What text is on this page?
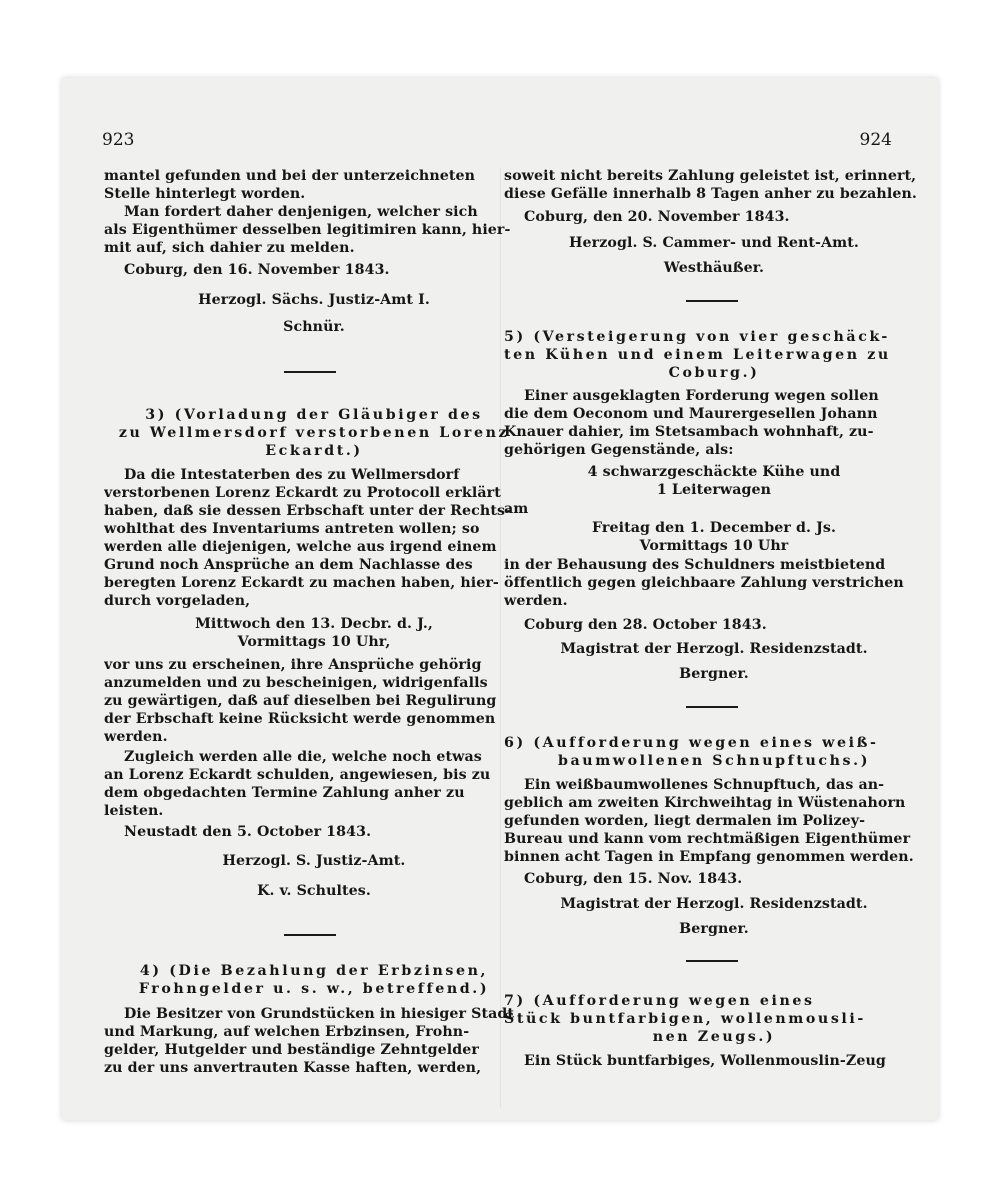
923	924
mantel gefunden und bei der unterzeichneten
Stelle hinterlegt worden.
Man fordert daher denjenigen, welcher sich
als Eigenthümer desselben legitimiren kann, hier-
mit auf, sich dahier zu melden.
Coburg, den 16. November 1843.
Herzogl. Sächs. Justiz-Amt I.
Schnür.
3) (Vorladung der Gläubiger des
zu Wellmersdorf verstorbenen Lorenz
Eckardt.)
Da die Intestaterben des zu Wellmersdorf
verstorbenen Lorenz Eckardt zu Protocoll erklärt
haben, daß sie dessen Erbschaft unter der Rechts-
wohlthat des Inventariums antreten wollen; so
werden alle diejenigen, welche aus irgend einem
Grund noch Ansprüche an dem Nachlasse des
beregten Lorenz Eckardt zu machen haben, hier-
durch vorgeladen,
Mittwoch den 13. Decbr. d. J.,
Vormittags 10 Uhr,
vor uns zu erscheinen, ihre Ansprüche gehörig
anzumelden und zu bescheinigen, widrigenfalls
zu gewärtigen, daß auf dieselben bei Regulirung
der Erbschaft keine Rücksicht werde genommen
werden.
Zugleich werden alle die, welche noch etwas
an Lorenz Eckardt schulden, angewiesen, bis zu
dem obgedachten Termine Zahlung anher zu
leisten.
Neustadt den 5. October 1843.
Herzogl. S. Justiz-Amt.
K. v. Schultes.
4) (Die Bezahlung der Erbzinsen,
Frohngelder u. s. w., betreffend.)
Die Besitzer von Grundstücken in hiesiger Stadt
und Markung, auf welchen Erbzinsen, Frohn-
gelder, Hutgelder und beständige Zehntgelder
zu der uns anvertrauten Kasse haften, werden,
soweit nicht bereits Zahlung geleistet ist, erinnert,
diese Gefälle innerhalb 8 Tagen anher zu bezahlen.
Coburg, den 20. November 1843.
Herzogl. S. Cammer- und Rent-Amt.
Westhäußer.
5) (Versteigerung von vier geschäck-
ten Kühen und einem Leiterwagen zu
Coburg.)
Einer ausgeklagten Forderung wegen sollen
die dem Oeconom und Maurergesellen Johann
Knauer dahier, im Stetsambach wohnhaft, zu-
gehörigen Gegenstände, als:
4 schwarzgeschäckte Kühe und
1 Leiterwagen
am
Freitag den 1. December d. Js.
Vormittags 10 Uhr
in der Behausung des Schuldners meistbietend
öffentlich gegen gleichbaare Zahlung verstrichen
werden.
Coburg den 28. October 1843.
Magistrat der Herzogl. Residenzstadt.
Bergner.
6) (Aufforderung wegen eines weiß-
baumwollenen Schnupftuchs.)
Ein weißbaumwollenes Schnupftuch, das an-
geblich am zweiten Kirchweihtag in Wüstenahorn
gefunden worden, liegt dermalen im Polizey-
Bureau und kann vom rechtmäßigen Eigenthümer
binnen acht Tagen in Empfang genommen werden.
Coburg, den 15. Nov. 1843.
Magistrat der Herzogl. Residenzstadt.
Bergner.
7) (Aufforderung wegen eines
Stück buntfarbigen, wollenmousli-
nen Zeugs.)
Ein Stück buntfarbiges, Wollenmouslin-Zeug
